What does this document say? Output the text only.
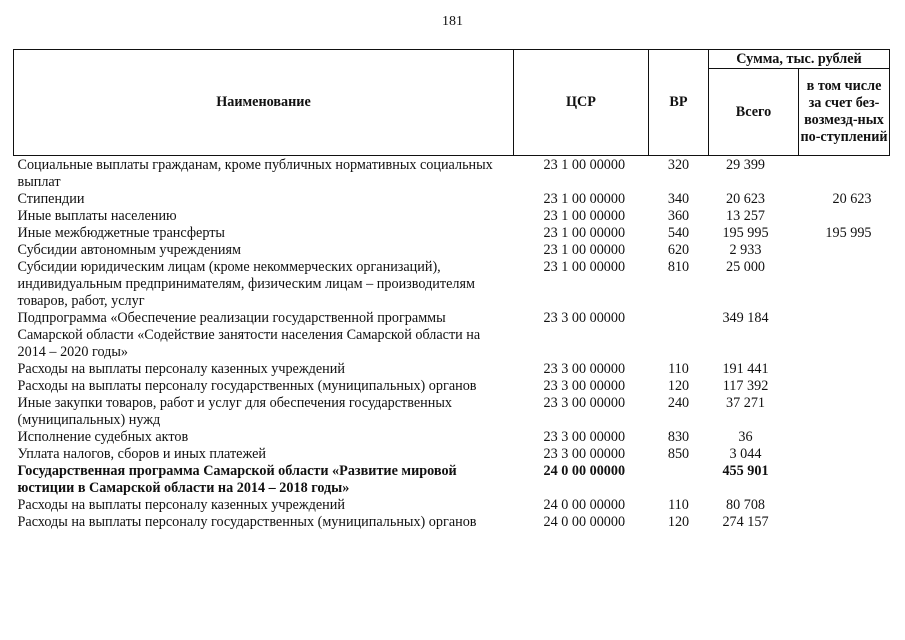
181
Наименование	ЦСР	ВР	Сумма, тыс. рублей	
			Всего	в том числе за счет без-возмезд-ных по-ступлений
Социальные выплаты гражданам, кроме публичных нормативных социальных выплат	23 1 00 00000	320	29 399	
Стипендии	23 1 00 00000	340	20 623	20 623
Иные выплаты населению	23 1 00 00000	360	13 257	
Иные межбюджетные трансферты	23 1 00 00000	540	195 995	195 995
Субсидии автономным учреждениям	23 1 00 00000	620	2 933	
Субсидии юридическим лицам (кроме некоммерческих организаций), индивидуальным предпринимателям, физическим лицам – производителям товаров, работ, услуг	23 1 00 00000	810	25 000	
Подпрограмма «Обеспечение реализации государственной программы Самарской области «Содействие занятости населения Самарской области на 2014 – 2020 годы»	23 3 00 00000		349 184	
Расходы на выплаты персоналу казенных учреждений	23 3 00 00000	110	191 441	
Расходы на выплаты персоналу государственных (муниципальных) органов	23 3 00 00000	120	117 392	
Иные закупки товаров, работ и услуг для обеспечения государственных (муниципальных) нужд	23 3 00 00000	240	37 271	
Исполнение судебных актов	23 3 00 00000	830	36	
Уплата налогов, сборов и иных платежей	23 3 00 00000	850	3 044	
Государственная программа Самарской области «Развитие мировой юстиции в Самарской области на 2014 – 2018 годы»	24 0 00 00000		455 901	
Расходы на выплаты персоналу казенных учреждений	24 0 00 00000	110	80 708	
Расходы на выплаты персоналу государственных (муниципальных) органов	24 0 00 00000	120	274 157	
